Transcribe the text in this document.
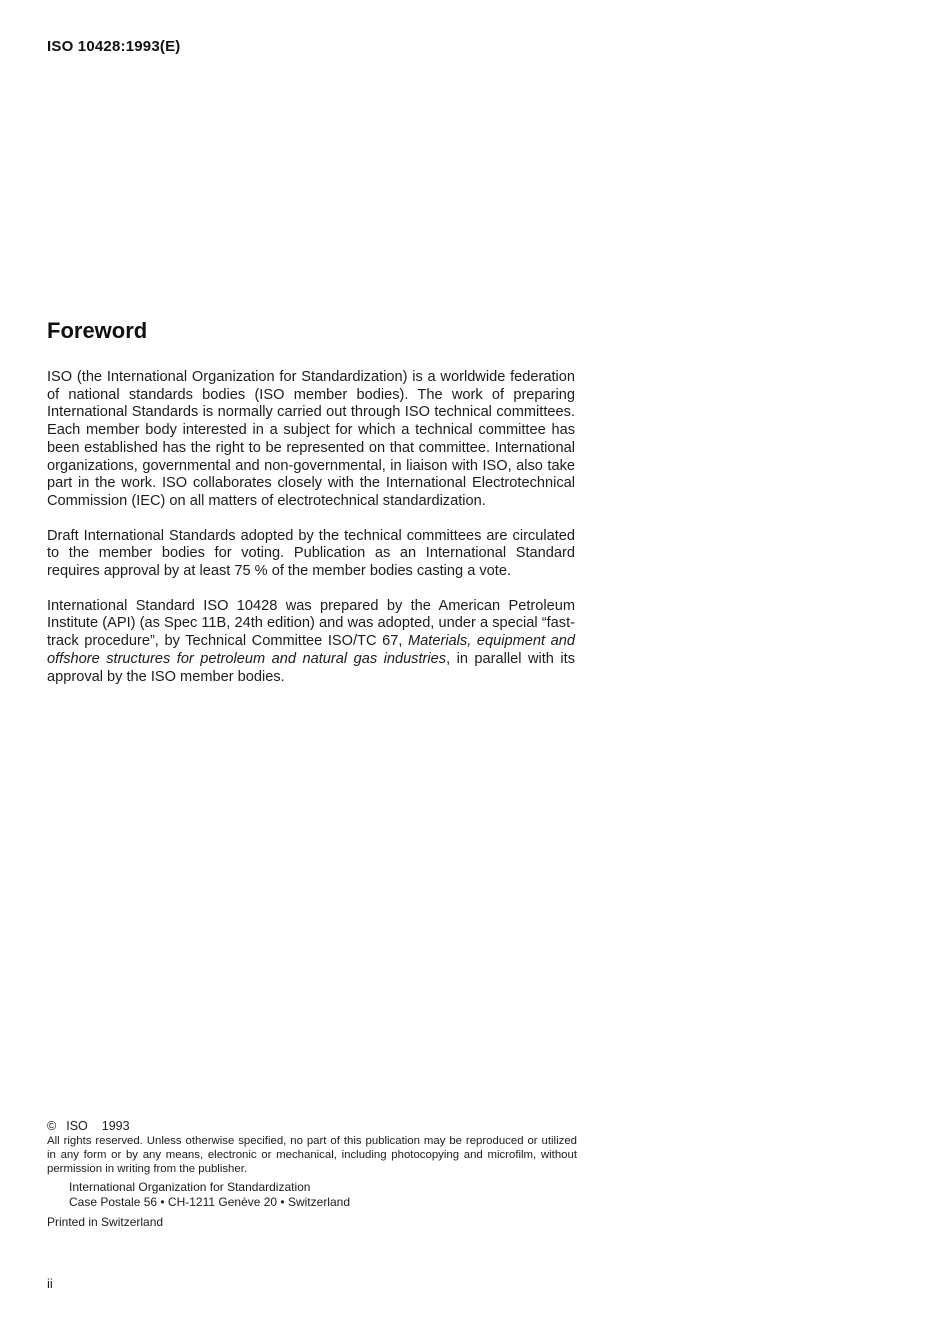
ISO 10428:1993(E)
Foreword

ISO (the International Organization for Standardization) is a worldwide federation of national standards bodies (ISO member bodies). The work of preparing International Standards is normally carried out through ISO technical committees. Each member body interested in a subject for which a technical committee has been established has the right to be represented on that committee. International organizations, governmental and non-governmental, in liaison with ISO, also take part in the work. ISO collaborates closely with the International Electrotechnical Commission (IEC) on all matters of electrotechnical standardization.

Draft International Standards adopted by the technical committees are circulated to the member bodies for voting. Publication as an International Standard requires approval by at least 75 % of the member bodies casting a vote.

International Standard ISO 10428 was prepared by the American Petroleum Institute (API) (as Spec 11B, 24th edition) and was adopted, under a special “fast-track procedure”, by Technical Committee ISO/TC 67, Materials, equipment and offshore structures for petroleum and natural gas industries, in parallel with its approval by the ISO member bodies.

© ISO 1993
All rights reserved. Unless otherwise specified, no part of this publication may be reproduced or utilized in any form or by any means, electronic or mechanical, including photocopying and microfilm, without permission in writing from the publisher.
International Organization for Standardization
Case Postale 56 • CH-1211 Genève 20 • Switzerland
Printed in Switzerland
ii
